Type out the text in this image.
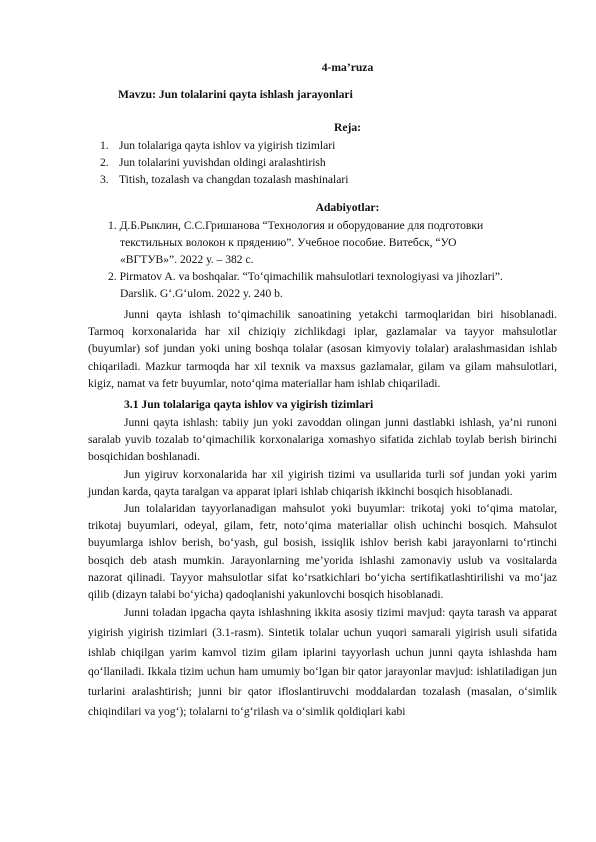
4-ma’ruza
Mavzu: Jun tolalarini qayta ishlash jarayonlari
Reja:
1. Jun tolalariga qayta ishlov va yigirish tizimlari
2. Jun tolalarini yuvishdan oldingi aralashtirish
3. Titish, tozalash va changdan tozalash mashinalari
Adabiyotlar:
1. Д.Б.Рыклин, С.С.Гришанова “Технология и оборудование для подготовки текстильных волокон к прядению”. Учебное пособие. Витебск, “УО «ВГТУВ»”. 2022 у. – 382 с.
2. Pirmatov A. va boshqalar. “To‘qimachilik mahsulotlari texnologiyasi va jihozlari”. Darslik. G‘.G‘ulom. 2022 y. 240 b.

Junni qayta ishlash to‘qimachilik sanoatining yetakchi tarmoqlaridan biri hisoblanadi. Tarmoq korxonalarida har xil chiziqiy zichlikdagi iplar, gazlamalar va tayyor mahsulotlar (buyumlar) sof jundan yoki uning boshqa tolalar (asosan kimyoviy tolalar) aralashmasidan ishlab chiqariladi. Mazkur tarmoqda har xil texnik va maxsus gazlamalar, gilam va gilam mahsulotlari, kigiz, namat va fetr buyumlar, noto‘qima materiallar ham ishlab chiqariladi.

3.1 Jun tolalariga qayta ishlov va yigirish tizimlari

Junni qayta ishlash: tabiiy jun yoki zavoddan olingan junni dastlabki ishlash, ya’ni runoni saralab yuvib tozalab to‘qimachilik korxonalariga xomashyo sifatida zichlab toylab berish birinchi bosqichidan boshlanadi.

Jun yigiruv korxonalarida har xil yigirish tizimi va usullarida turli sof jundan yoki yarim jundan karda, qayta taralgan va apparat iplari ishlab chiqarish ikkinchi bosqich hisoblanadi.

Jun tolalaridan tayyorlanadigan mahsulot yoki buyumlar: trikotaj yoki to‘qima matolar, trikotaj buyumlari, odeyal, gilam, fetr, noto‘qima materiallar olish uchinchi bosqich. Mahsulot buyumlarga ishlov berish, bo‘yash, gul bosish, issiqlik ishlov berish kabi jarayonlarni to‘rtinchi bosqich deb atash mumkin. Jarayonlarning me’yorida ishlashi zamonaviy uslub va vositalarda nazorat qilinadi. Tayyor mahsulotlar sifat ko‘rsatkichlari bo‘yicha sertifikatlashtirilishi va mo‘jaz qilib (dizayn talabi bo‘yicha) qadoqlanishi yakunlovchi bosqich hisoblanadi.

Junni toladan ipgacha qayta ishlashning ikkita asosiy tizimi mavjud: qayta tarash va apparat yigirish yigirish tizimlari (3.1-rasm). Sintetik tolalar uchun yuqori samarali yigirish usuli sifatida ishlab chiqilgan yarim kamvol tizim gilam iplarini tayyorlash uchun junni qayta ishlashda ham qo‘llaniladi. Ikkala tizim uchun ham umumiy bo‘lgan bir qator jarayonlar mavjud: ishlatiladigan jun turlarini aralashtirish; junni bir qator ifloslantiruvchi moddalardan tozalash (masalan, o‘simlik chiqindilari va yog‘); tolalarni to‘g‘rilash va o‘simlik qoldiqlari kabi
